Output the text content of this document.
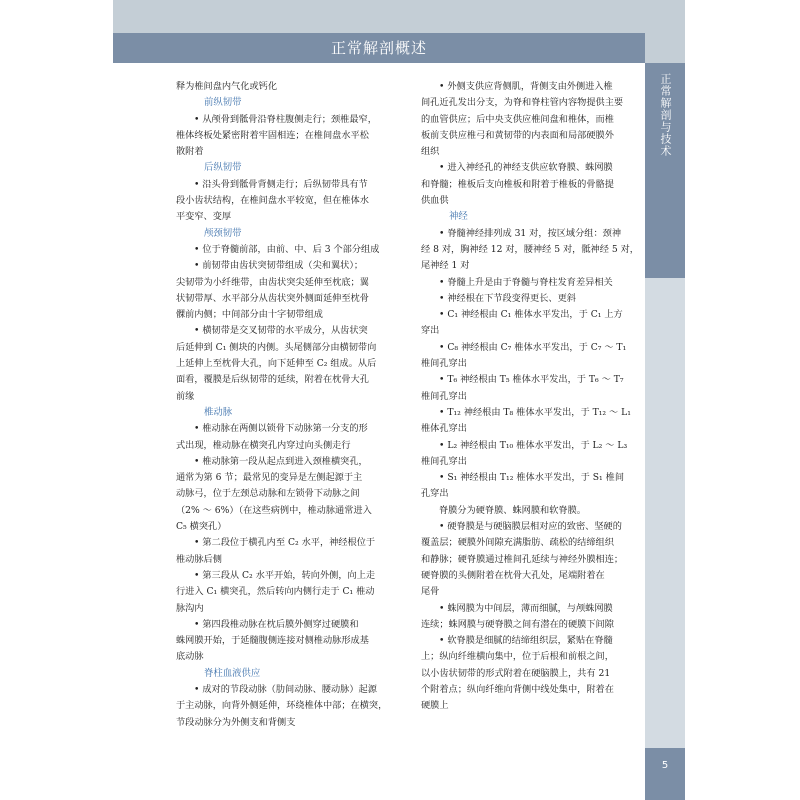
正常解剖概述
正常解剖与技术
5
释为椎间盘内气化或钙化
前纵韧带
• 从颅骨到骶骨沿脊柱腹侧走行；颈椎最窄，
椎体终板处紧密附着牢固相连；在椎间盘水平松
散附着
后纵韧带
• 沿头骨到骶骨背侧走行；后纵韧带具有节
段小齿状结构，在椎间盘水平较宽，但在椎体水
平变窄、变厚
颅颈韧带
• 位于脊髓前部，由前、中、后 3 个部分组成
• 前韧带由齿状突韧带组成（尖和翼状）；
尖韧带为小纤维带，由齿状突尖延伸至枕底；翼
状韧带厚、水平部分从齿状突外侧面延伸至枕骨
髁前内侧；中间部分由十字韧带组成
• 横韧带是交叉韧带的水平成分，从齿状突
后延伸到 C₁ 侧块的内侧。头尾侧部分由横韧带向
上延伸上至枕骨大孔，向下延伸至 C₂ 组成。从后
面看，覆膜是后纵韧带的延续，附着在枕骨大孔
前缘
椎动脉
• 椎动脉在两侧以锁骨下动脉第一分支的形
式出现，椎动脉在横突孔内穿过向头侧走行
• 椎动脉第一段从起点到进入颈椎横突孔，
通常为第 6 节；最常见的变异是左侧起源于主
动脉弓，位于左颈总动脉和左锁骨下动脉之间
（2% ～ 6%）（在这些病例中，椎动脉通常进入
C₅ 横突孔）
• 第二段位于横孔内至 C₂ 水平，神经根位于
椎动脉后侧
• 第三段从 C₂ 水平开始，转向外侧，向上走
行进入 C₁ 横突孔，然后转向内侧行走于 C₁ 椎动
脉沟内
• 第四段椎动脉在枕后膜外侧穿过硬膜和
蛛网膜开始，于延髓腹侧连接对侧椎动脉形成基
底动脉
脊柱血液供应
• 成对的节段动脉（肋间动脉、腰动脉）起源
于主动脉，向背外侧延伸，环绕椎体中部；在横突，
节段动脉分为外侧支和背侧支
• 外侧支供应背侧肌，背侧支由外侧进入椎
间孔近孔发出分支，为脊和脊柱管内容物提供主要
的血管供应；后中央支供应椎间盘和椎体，而椎
板前支供应椎弓和黄韧带的内表面和局部硬膜外
组织
• 进入神经孔的神经支供应软脊膜、蛛网膜
和脊髓；椎板后支向椎板和附着于椎板的骨骼提
供血供
神经
• 脊髓神经排列成 31 对，按区域分组：颈神
经 8 对，胸神经 12 对，腰神经 5 对，骶神经 5 对，
尾神经 1 对
• 脊髓上升是由于脊髓与脊柱发育差异相关
• 神经根在下节段变得更长、更斜
• C₁ 神经根由 C₁ 椎体水平发出，于 C₁ 上方
穿出
• C₈ 神经根由 C₇ 椎体水平发出，于 C₇ ～ T₁
椎间孔穿出
• T₆ 神经根由 T₅ 椎体水平发出，于 T₆ ～ T₇
椎间孔穿出
• T₁₂ 神经根由 T₈ 椎体水平发出，于 T₁₂ ～ L₁
椎体孔穿出
• L₂ 神经根由 T₁₀ 椎体水平发出，于 L₂ ～ L₃
椎间孔穿出
• S₁ 神经根由 T₁₂ 椎体水平发出，于 S₁ 椎间
孔穿出
脊膜分为硬脊膜、蛛网膜和软脊膜。
• 硬脊膜是与硬脑膜层相对应的致密、坚硬的
覆盖层；硬膜外间隙充满脂肪、疏松的结缔组织
和静脉；硬脊膜通过椎间孔延续与神经外膜相连；
硬脊膜的头侧附着在枕骨大孔处，尾端附着在
尾骨
• 蛛网膜为中间层，薄而细腻，与颅蛛网膜
连续；蛛网膜与硬脊膜之间有潜在的硬膜下间隙
• 软脊膜是细腻的结缔组织层，紧贴在脊髓
上；纵向纤维横向集中，位于后根和前根之间，
以小齿状韧带的形式附着在硬脑膜上，共有 21
个附着点；纵向纤维向背侧中线处集中，附着在
硬膜上
